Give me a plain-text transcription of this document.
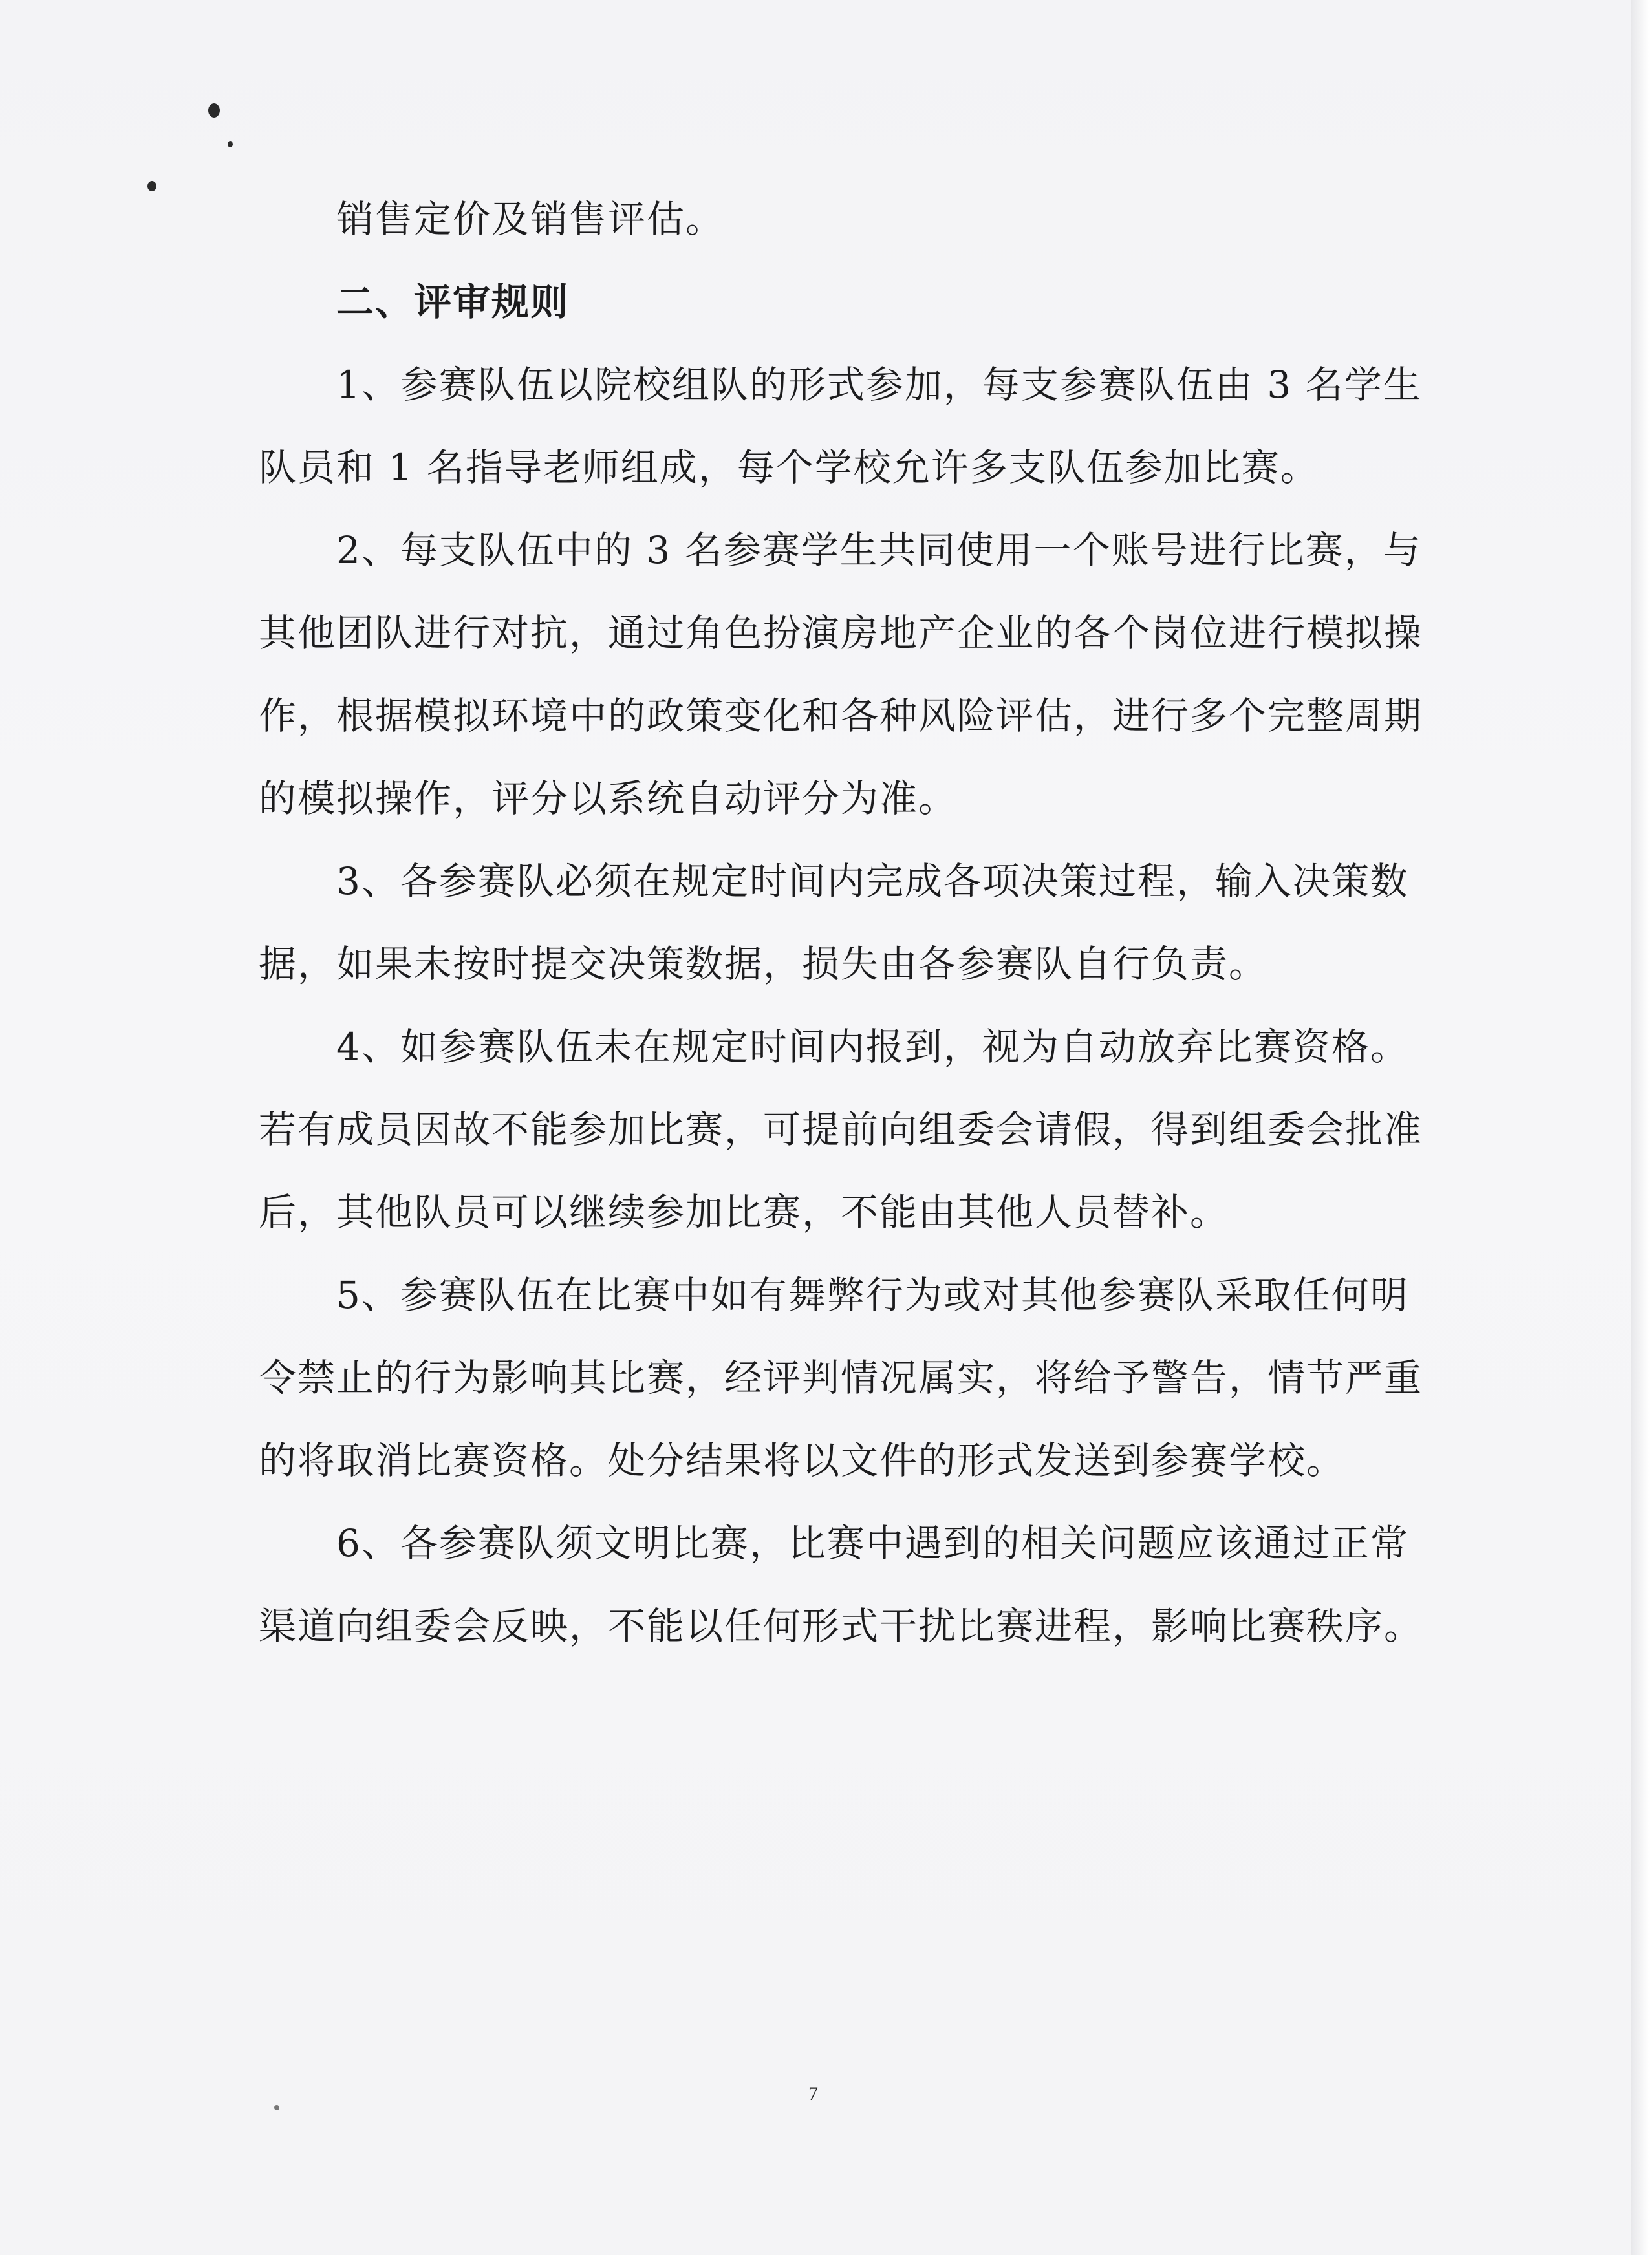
销售定价及销售评估。
二、评审规则
1、参赛队伍以院校组队的形式参加，每支参赛队伍由 3 名学生
队员和 1 名指导老师组成，每个学校允许多支队伍参加比赛。
2、每支队伍中的 3 名参赛学生共同使用一个账号进行比赛，与
其他团队进行对抗，通过角色扮演房地产企业的各个岗位进行模拟操
作，根据模拟环境中的政策变化和各种风险评估，进行多个完整周期
的模拟操作，评分以系统自动评分为准。
3、各参赛队必须在规定时间内完成各项决策过程，输入决策数
据，如果未按时提交决策数据，损失由各参赛队自行负责。
4、如参赛队伍未在规定时间内报到，视为自动放弃比赛资格。
若有成员因故不能参加比赛，可提前向组委会请假，得到组委会批准
后，其他队员可以继续参加比赛，不能由其他人员替补。
5、参赛队伍在比赛中如有舞弊行为或对其他参赛队采取任何明
令禁止的行为影响其比赛，经评判情况属实，将给予警告，情节严重
的将取消比赛资格。处分结果将以文件的形式发送到参赛学校。
6、各参赛队须文明比赛，比赛中遇到的相关问题应该通过正常
渠道向组委会反映，不能以任何形式干扰比赛进程，影响比赛秩序。
7
